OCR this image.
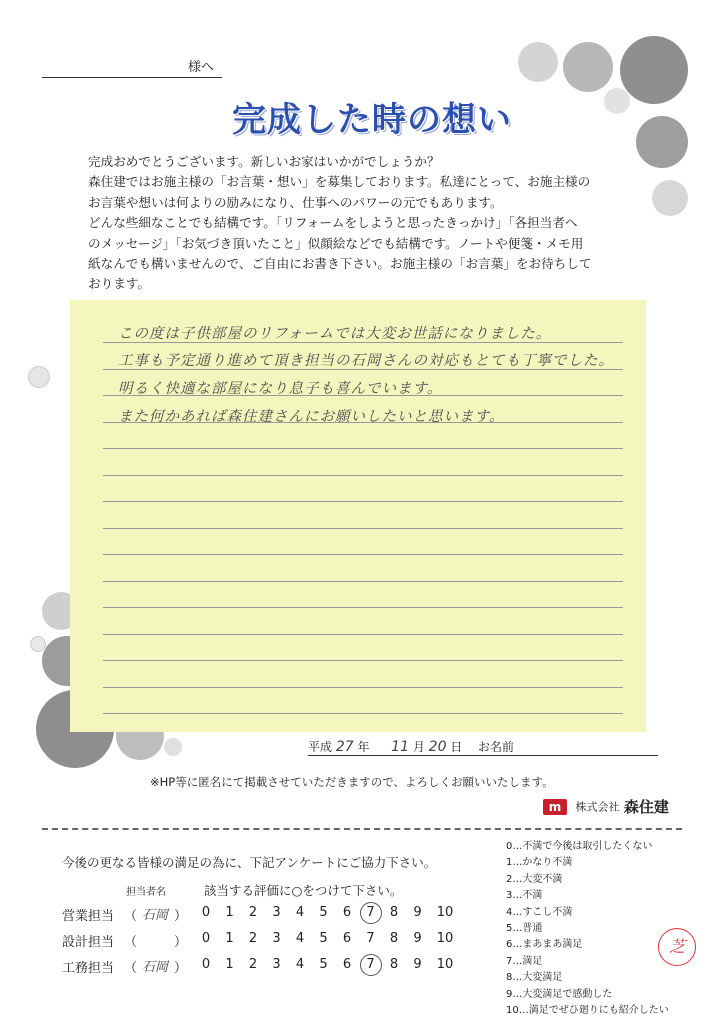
様へ
完成した時の想い
完成おめでとうございます。新しいお家はいかがでしょうか？
森住建ではお施主様の「お言葉・想い」を募集しております。私達にとって、お施主様の
お言葉や想いは何よりの励みになり、仕事へのパワーの元でもあります。
どんな些細なことでも結構です。「リフォームをしようと思ったきっかけ」「各担当者へ
のメッセージ」「お気づき頂いたこと」似顔絵などでも結構です。ノートや便箋・メモ用
紙なんでも構いませんので、ご自由にお書き下さい。お施主様の「お言葉」をお待ちして
おります。
この度は子供部屋のリフォームでは大変お世話になりました。
工事も予定通り進めて頂き担当の石岡さんの対応もとても丁寧でした。
明るく快適な部屋になり息子も喜んでいます。
また何かあれば森住建さんにお願いしたいと思います。
平成 27 年 11 月 20 日 お名前
※HP等に匿名にて掲載させていただきますので、よろしくお願いいたします。
m 株式会社 森住建
今後の更なる皆様の満足の為に、下記アンケートにご協力下さい。
担当者名	該当する評価に○をつけて下さい。
営業担当 （ 石岡 ） 0 1 2 3 4 5 6 7 8 9 10
設計担当 （	） 0 1 2 3 4 5 6 7 8 9 10
工務担当 （ 石岡 ） 0 1 2 3 4 5 6 7 8 9 10
0…不満で今後は取引したくない
1…かなり不満
2…大変不満
3…不満
4…すこし不満
5…普通
6…まあまあ満足
7…満足
8…大変満足
9…大変満足で感動した
10…満足でぜひ廻りにも紹介したい
芝
